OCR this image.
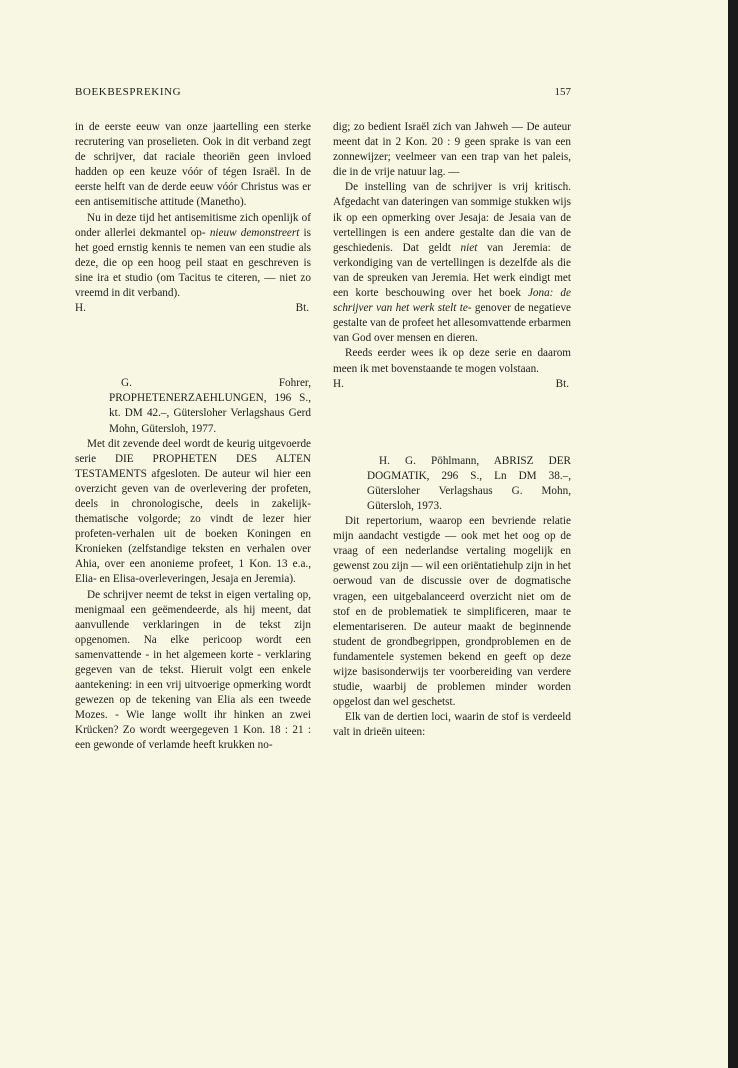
BOEKBESPREKING	157

in de eerste eeuw van onze jaartelling een sterke recrutering van proselieten. Ook in dit verband zegt de schrijver, dat raciale theoriën geen invloed hadden op een keuze vóór of tégen Israël. In de eerste helft van de derde eeuw vóór Christus was er een antisemitische attitude (Manetho).

Nu in deze tijd het antisemitisme zich openlijk of onder allerlei dekmantel op- nieuw demonstreert is het goed ernstig kennis te nemen van een studie als deze, die op een hoog peil staat en geschreven is sine ira et studio (om Tacitus te citeren, — niet zo vreemd in dit verband).

H.	Bt.

G. Fohrer, PROPHETENERZAEHLUNGEN, 196 S., kt. DM 42.–, Gütersloher Verlagshaus Gerd Mohn, Gütersloh, 1977.

Met dit zevende deel wordt de keurig uitgevoerde serie DIE PROPHETEN DES ALTEN TESTAMENTS afgesloten. De auteur wil hier een overzicht geven van de overlevering der profeten, deels in chronologische, deels in zakelijk-thematische volgorde; zo vindt de lezer hier profeten-verhalen uit de boeken Koningen en Kronieken (zelfstandige teksten en verhalen over Ahia, over een anonieme profeet, 1 Kon. 13 e.a., Elia- en Elisa-overleveringen, Jesaja en Jeremia).

De schrijver neemt de tekst in eigen vertaling op, menigmaal een geëmendeerde, als hij meent, dat aanvullende verklaringen in de tekst zijn opgenomen. Na elke pericoop wordt een samenvattende - in het algemeen korte - verklaring gegeven van de tekst. Hieruit volgt een enkele aantekening: in een vrij uitvoerige opmerking wordt gewezen op de tekening van Elia als een tweede Mozes. - Wie lange wollt ihr hinken an zwei Krücken? Zo wordt weergegeven 1 Kon. 18 : 21 : een gewonde of verlamde heeft krukken no-

dig; zo bedient Israël zich van Jahweh — De auteur meent dat in 2 Kon. 20 : 9 geen sprake is van een zonnewijzer; veelmeer van een trap van het paleis, die in de vrije natuur lag. —

De instelling van de schrijver is vrij kritisch. Afgedacht van dateringen van sommige stukken wijs ik op een opmerking over Jesaja: de Jesaia van de vertellingen is een andere gestalte dan die van de geschiedenis. Dat geldt niet van Jeremia: de verkondiging van de vertellingen is dezelfde als die van de spreuken van Jeremia. Het werk eindigt met een korte beschouwing over het boek Jona: de schrijver van het werk stelt te- genover de negatieve gestalte van de profeet het allesomvattende erbarmen van God over mensen en dieren.

Reeds eerder wees ik op deze serie en daarom meen ik met bovenstaande te mogen volstaan.

H.	Bt.

H. G. Pöhlmann, ABRISZ DER DOGMATIK, 296 S., Ln DM 38.–, Gütersloher Verlagshaus G. Mohn, Gütersloh, 1973.

Dit repertorium, waarop een bevriende relatie mijn aandacht vestigde — ook met het oog op de vraag of een nederlandse vertaling mogelijk en gewenst zou zijn — wil een oriëntatiehulp zijn in het oerwoud van de discussie over de dogmatische vragen, een uitgebalanceerd overzicht niet om de stof en de problematiek te simplificeren, maar te elementariseren. De auteur maakt de beginnende student de grondbegrippen, grondproblemen en de fundamentele systemen bekend en geeft op deze wijze basisonderwijs ter voorbereiding van verdere studie, waarbij de problemen minder worden opgelost dan wel geschetst.

Elk van de dertien loci, waarin de stof is verdeeld valt in drieën uiteen:
